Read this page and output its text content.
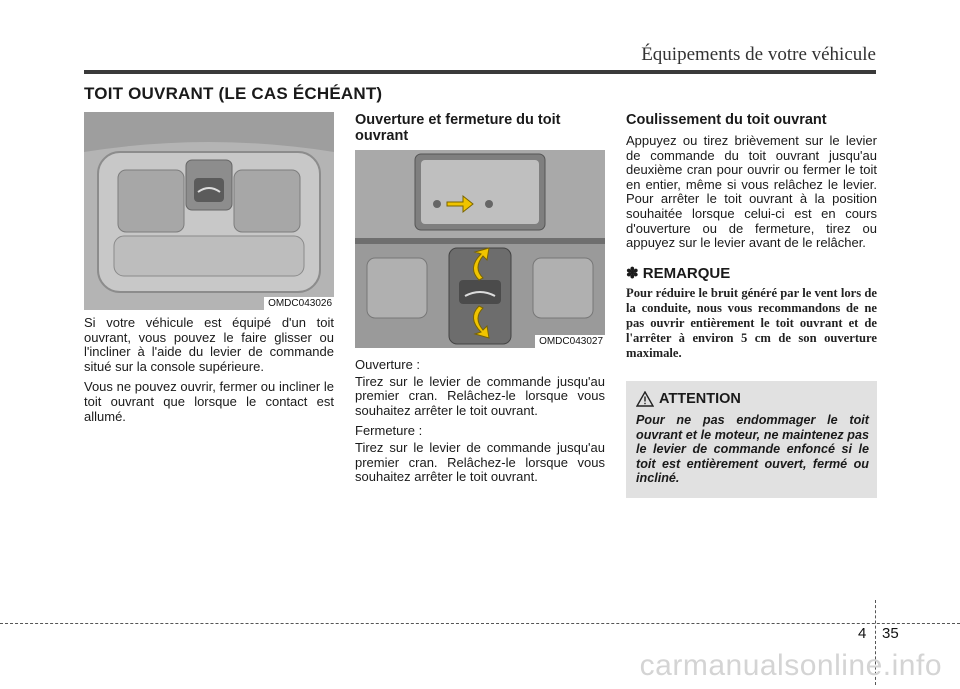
Équipements de votre véhicule
TOIT OUVRANT (LE CAS ÉCHÉANT)
OMDC043026

Si votre véhicule est équipé d'un toit ouvrant, vous pouvez le faire glisser ou l'incliner à l'aide du levier de commande situé sur la console supérieure.

Vous ne pouvez ouvrir, fermer ou incliner le toit ouvrant que lorsque le contact est allumé.

Ouverture et fermeture du toit ouvrant
OMDC043027

Ouverture :

Tirez sur le levier de commande jusqu'au premier cran. Relâchez-le lorsque vous souhaitez arrêter le toit ouvrant.

Fermeture :

Tirez sur le levier de commande jusqu'au premier cran. Relâchez-le lorsque vous souhaitez arrêter le toit ouvrant.

Coulissement du toit ouvrant

Appuyez ou tirez brièvement sur le levier de commande du toit ouvrant jusqu'au deuxième cran pour ouvrir ou fermer le toit en entier, même si vous relâchez le levier. Pour arrêter le toit ouvrant à la position souhaitée lorsque celui-ci est en cours d'ouverture ou de fermeture, tirez ou appuyez sur le levier avant de le relâcher.

✽ REMARQUE
Pour réduire le bruit généré par le vent lors de la conduite, nous vous recommandons de ne pas ouvrir entièrement le toit ouvrant et de l'arrêter à environ 5 cm de son ouverture maximale.
ATTENTION
Pour ne pas endommager le toit ouvrant et le moteur, ne maintenez pas le levier de commande enfoncé si le toit est entièrement ouvert, fermé ou incliné.
4 35
carmanualsonline.info
